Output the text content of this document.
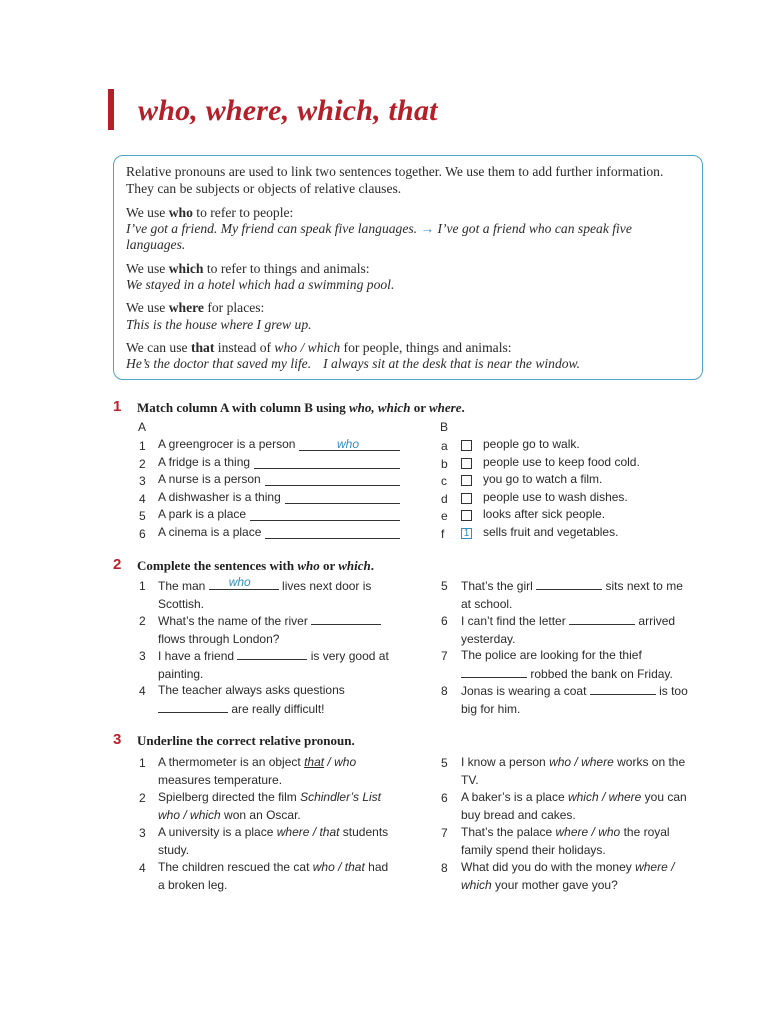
who, where, which, that
Relative pronouns are used to link two sentences together. We use them to add further information.
They can be subjects or objects of relative clauses.
We use who to refer to people:
I’ve got a friend. My friend can speak five languages. → I’ve got a friend who can speak five
languages.
We use which to refer to things and animals:
We stayed in a hotel which had a swimming pool.
We use where for places:
This is the house where I grew up.
We can use that instead of who / which for people, things and animals:
He’s the doctor that saved my life. I always sit at the desk that is near the window.
1 Match column A with column B using who, which or where.
A	B
1 A greengrocer is a person	who
2 A fridge is a thing
3 A nurse is a person
4 A dishwasher is a thing
5 A park is a place
6 A cinema is a place
a	people go to walk.
b	people use to keep food cold.
c	you go to watch a film.
d	people use to wash dishes.
e	looks after sick people.
f 1 sells fruit and vegetables.
2 Complete the sentences with who or which.
1 The man who	lives next door is
Scottish.
2 What’s the name of the river
flows through London?
3 I have a friend	is very good at
painting.
4 The teacher always asks questions
are really difficult!
5 That’s the girl	sits next to me
at school.
6 I can’t find the letter	arrived
yesterday.
7 The police are looking for the thief
robbed the bank on Friday.
8 Jonas is wearing a coat	is too
big for him.
3 Underline the correct relative pronoun.
1 A thermometer is an object that / who
measures temperature.
2 Spielberg directed the film Schindler’s List
who / which won an Oscar.
3 A university is a place where / that students
study.
4 The children rescued the cat who / that had
a broken leg.
5 I know a person who / where works on the
TV.
6 A baker’s is a place which / where you can
buy bread and cakes.
7 That’s the palace where / who the royal
family spend their holidays.
8 What did you do with the money where /
which your mother gave you?
